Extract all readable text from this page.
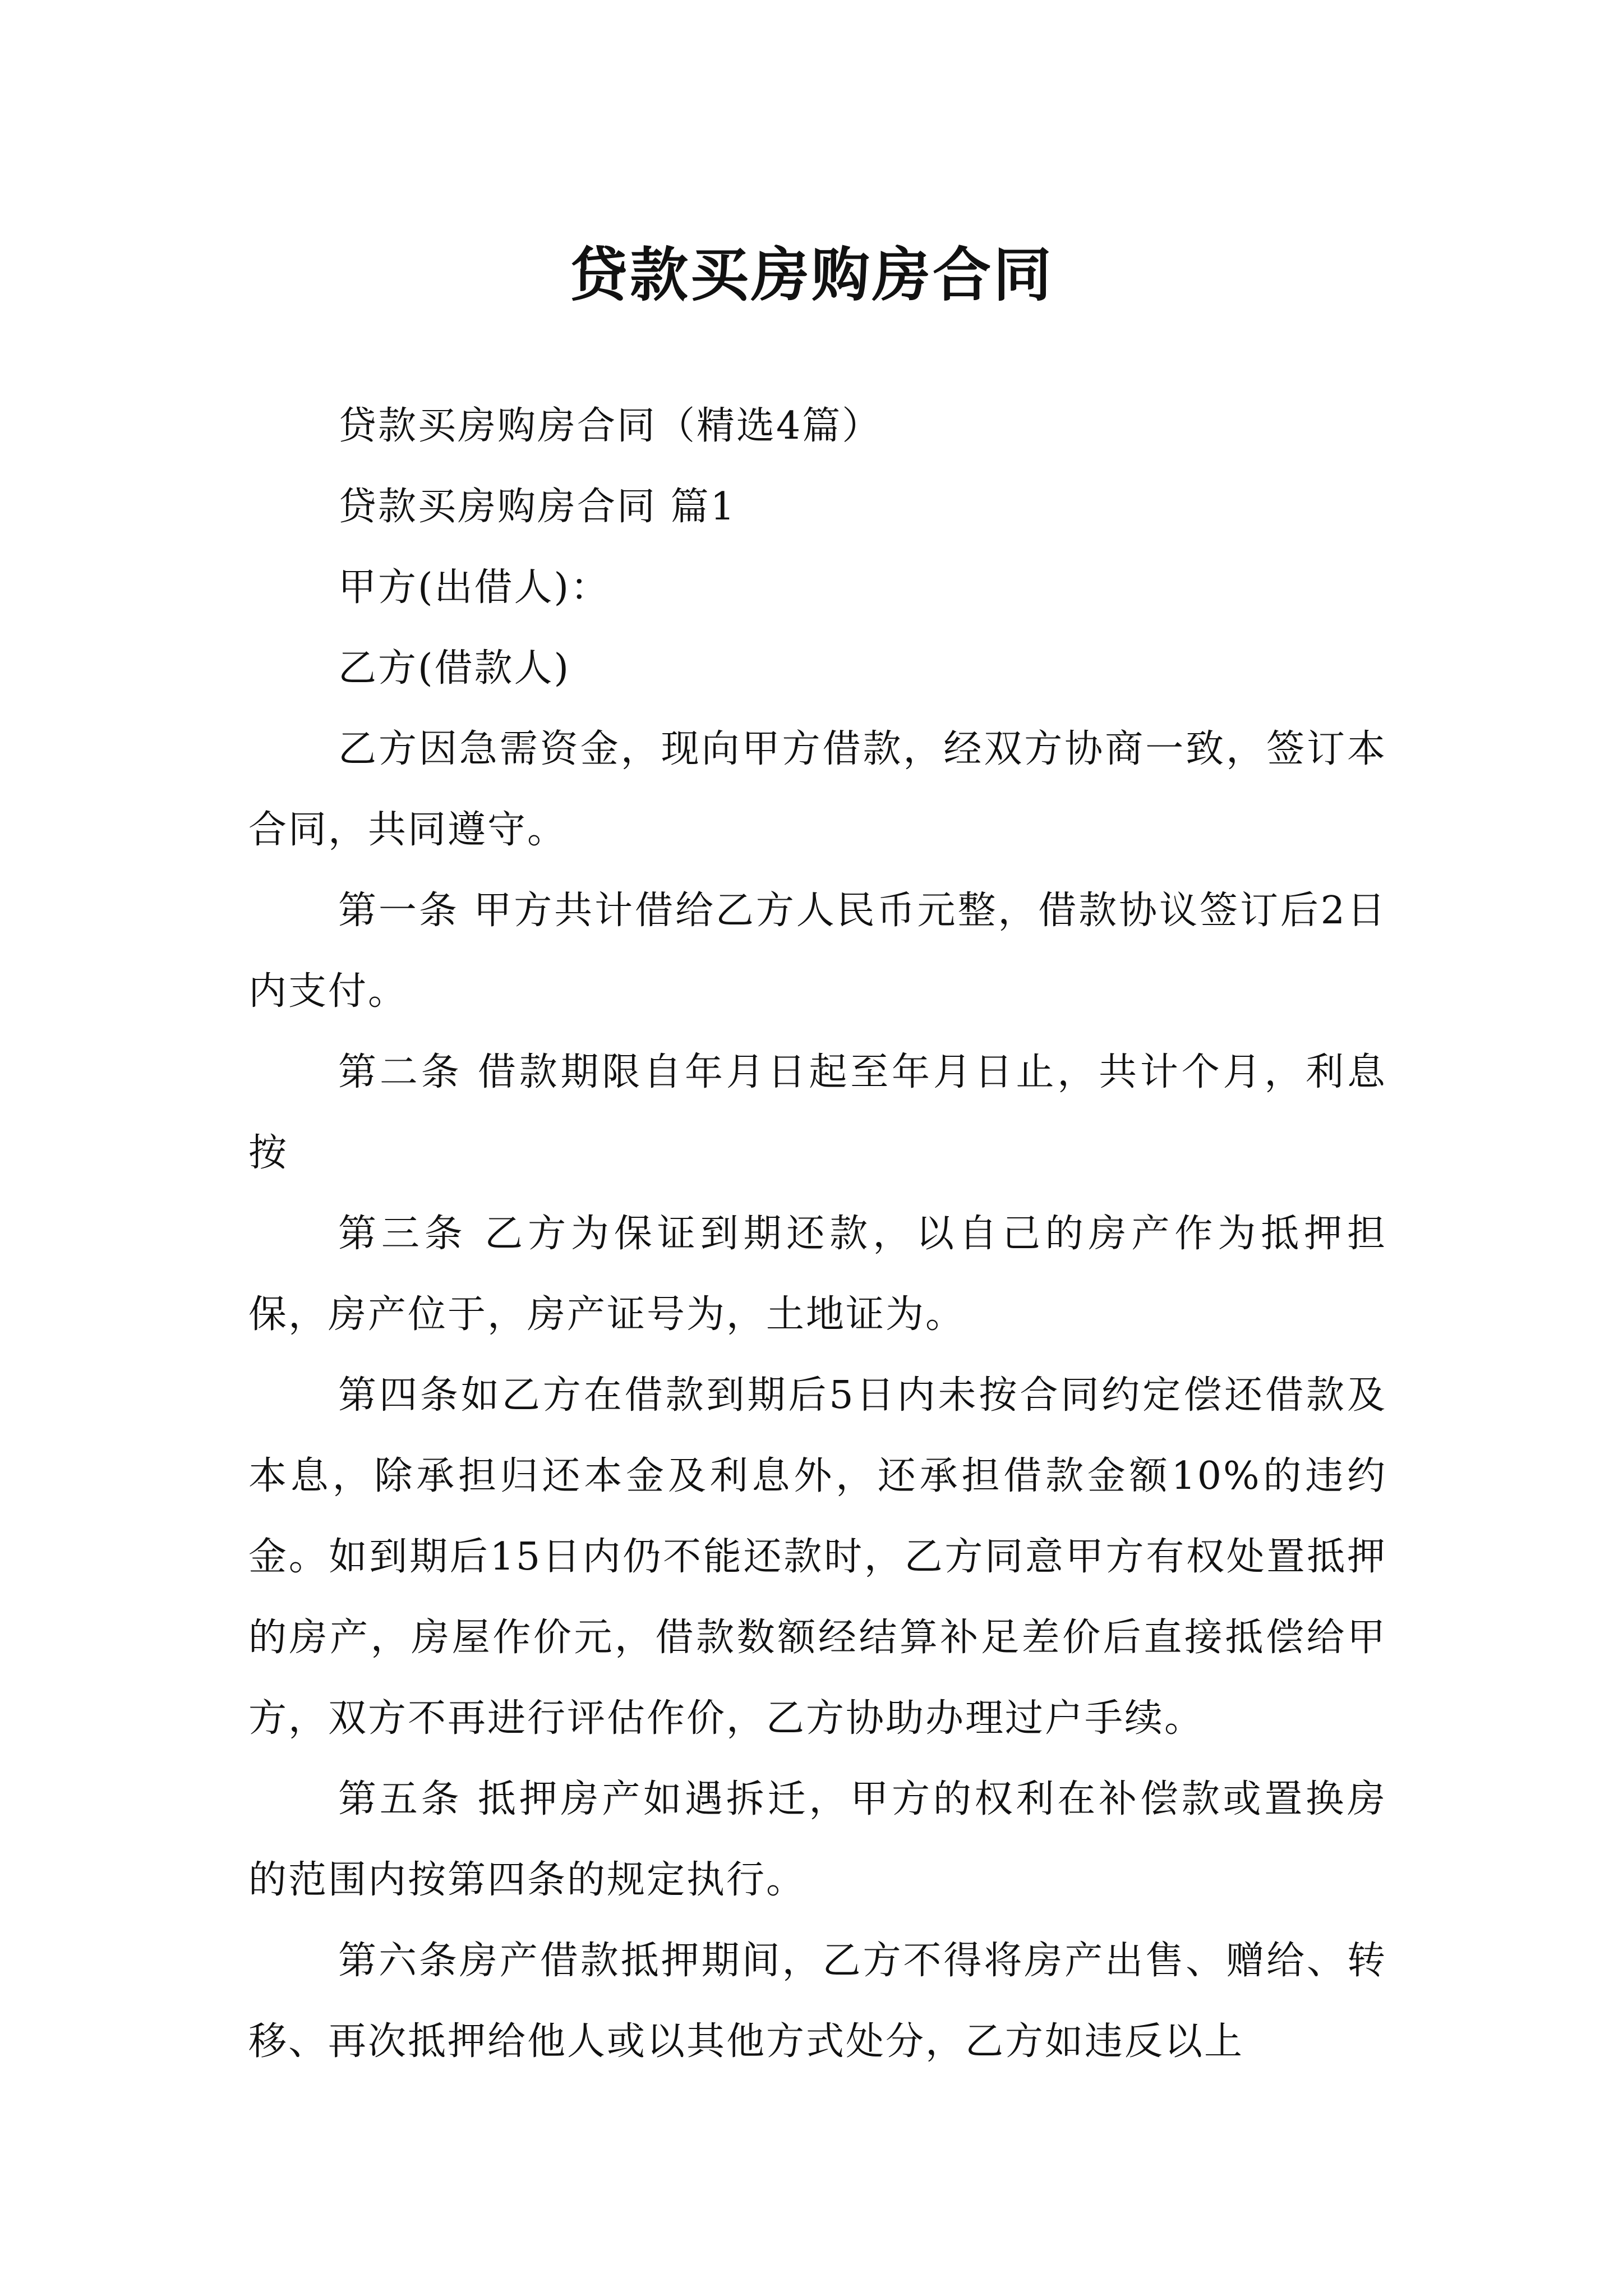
贷款买房购房合同

贷款买房购房合同（精选4篇）

贷款买房购房合同 篇1

甲方(出借人)：

乙方(借款人)

乙方因急需资金，现向甲方借款，经双方协商一致，签订本合同，共同遵守。

第一条 甲方共计借给乙方人民币元整，借款协议签订后2日内支付。

第二条 借款期限自年月日起至年月日止，共计个月，利息按

第三条 乙方为保证到期还款，以自己的房产作为抵押担保，房产位于，房产证号为，土地证为。

第四条如乙方在借款到期后5日内未按合同约定偿还借款及本息，除承担归还本金及利息外，还承担借款金额10%的违约金。如到期后15日内仍不能还款时，乙方同意甲方有权处置抵押的房产，房屋作价元，借款数额经结算补足差价后直接抵偿给甲方，双方不再进行评估作价，乙方协助办理过户手续。

第五条 抵押房产如遇拆迁，甲方的权利在补偿款或置换房的范围内按第四条的规定执行。

第六条房产借款抵押期间，乙方不得将房产出售、赠给、转移、再次抵押给他人或以其他方式处分，乙方如违反以上
